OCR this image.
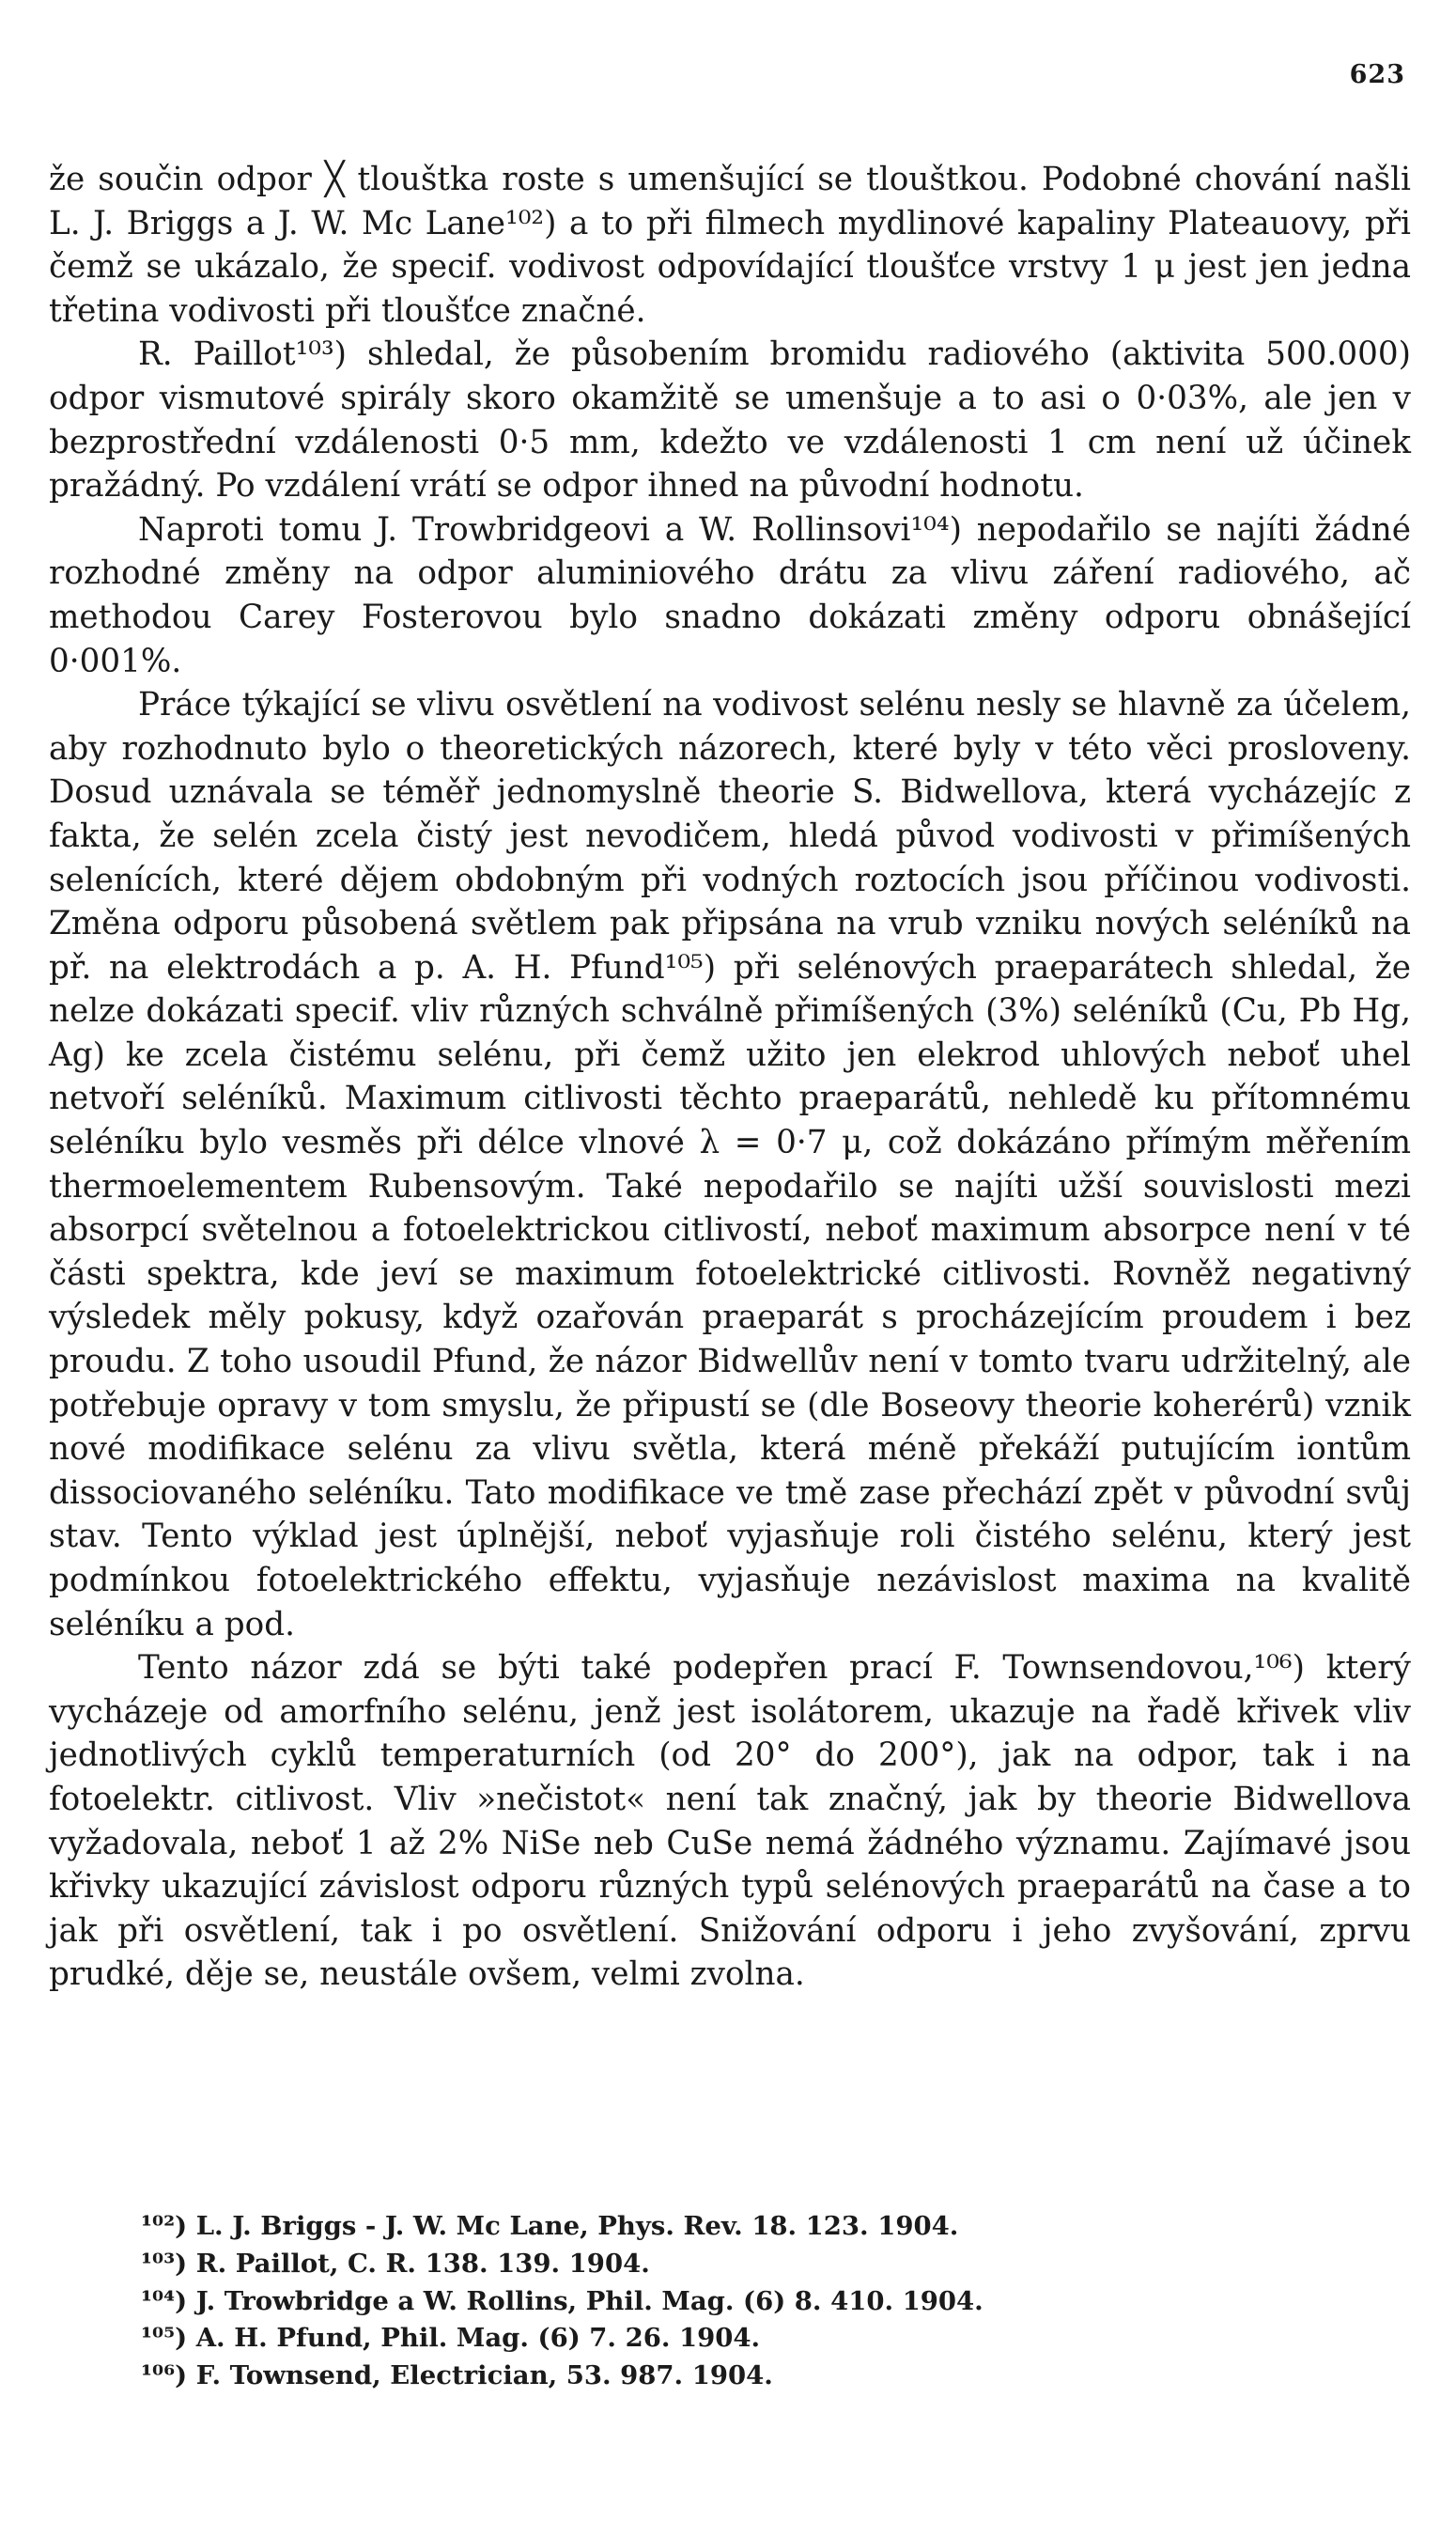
623

že součin odpor ╳ tlouštka roste s umenšující se tlouštkou. Podobné chování našli L. J. Briggs a J. W. Mc Lane¹⁰²) a to při filmech mydlinové kapaliny Plateauovy, při čemž se ukázalo, že specif. vodivost odpovídající tloušťce vrstvy 1 μ jest jen jedna třetina vodivosti při tloušťce značné.

R. Paillot¹⁰³) shledal, že působením bromidu radiového (aktivita 500.000) odpor vismutové spirály skoro okamžitě se umenšuje a to asi o 0·03%, ale jen v bezprostřední vzdálenosti 0·5 mm, kdežto ve vzdálenosti 1 cm není už účinek pražádný. Po vzdálení vrátí se odpor ihned na původní hodnotu.

Naproti tomu J. Trowbridgeovi a W. Rollinsovi¹⁰⁴) nepodařilo se najíti žádné rozhodné změny na odpor aluminiového drátu za vlivu záření radiového, ač methodou Carey Fosterovou bylo snadno dokázati změny odporu obnášející 0·001%.

Práce týkající se vlivu osvětlení na vodivost selénu nesly se hlavně za účelem, aby rozhodnuto bylo o theoretických názorech, které byly v této věci prosloveny. Dosud uznávala se téměř jednomyslně theorie S. Bidwellova, která vycházejíc z fakta, že selén zcela čistý jest nevodičem, hledá původ vodivosti v přimíšených selenících, které dějem obdobným při vodných roztocích jsou příčinou vodivosti. Změna odporu působená světlem pak připsána na vrub vzniku nových seléníků na př. na elektrodách a p. A. H. Pfund¹⁰⁵) při selénových praeparátech shledal, že nelze dokázati specif. vliv různých schválně přimíšených (3%) seléníků (Cu, Pb Hg, Ag) ke zcela čistému selénu, při čemž užito jen elekrod uhlových neboť uhel netvoří seléníků. Maximum citlivosti těchto praeparátů, nehledě ku přítomnému seléníku bylo vesměs při délce vlnové λ = 0·7 μ, což dokázáno přímým měřením thermoelementem Rubensovým. Také nepodařilo se najíti užší souvislosti mezi absorpcí světelnou a fotoelektrickou citlivostí, neboť maximum absorpce není v té části spektra, kde jeví se maximum fotoelektrické citlivosti. Rovněž negativný výsledek měly pokusy, když ozařován praeparát s procházejícím proudem i bez proudu. Z toho usoudil Pfund, že názor Bidwellův není v tomto tvaru udržitelný, ale potřebuje opravy v tom smyslu, že připustí se (dle Boseovy theorie koherérů) vznik nové modifikace selénu za vlivu světla, která méně překáží putujícím iontům dissociovaného seléníku. Tato modifikace ve tmě zase přechází zpět v původní svůj stav. Tento výklad jest úplnější, neboť vyjasňuje roli čistého selénu, který jest podmínkou fotoelektrického effektu, vyjasňuje nezávislost maxima na kvalitě seléníku a pod.

Tento názor zdá se býti také podepřen prací F. Townsendovou,¹⁰⁶) který vycházeje od amorfního selénu, jenž jest isolátorem, ukazuje na řadě křivek vliv jednotlivých cyklů temperaturních (od 20° do 200°), jak na odpor, tak i na fotoelektr. citlivost. Vliv »nečistot« není tak značný, jak by theorie Bidwellova vyžadovala, neboť 1 až 2% NiSe neb CuSe nemá žádného významu. Zajímavé jsou křivky ukazující závislost odporu různých typů selénových praeparátů na čase a to jak při osvětlení, tak i po osvětlení. Snižování odporu i jeho zvyšování, zprvu prudké, děje se, neustále ovšem, velmi zvolna.

¹⁰²) L. J. Briggs - J. W. Mc Lane, Phys. Rev. 18. 123. 1904.
¹⁰³) R. Paillot, C. R. 138. 139. 1904.
¹⁰⁴) J. Trowbridge a W. Rollins, Phil. Mag. (6) 8. 410. 1904.
¹⁰⁵) A. H. Pfund, Phil. Mag. (6) 7. 26. 1904.
¹⁰⁶) F. Townsend, Electrician, 53. 987. 1904.
